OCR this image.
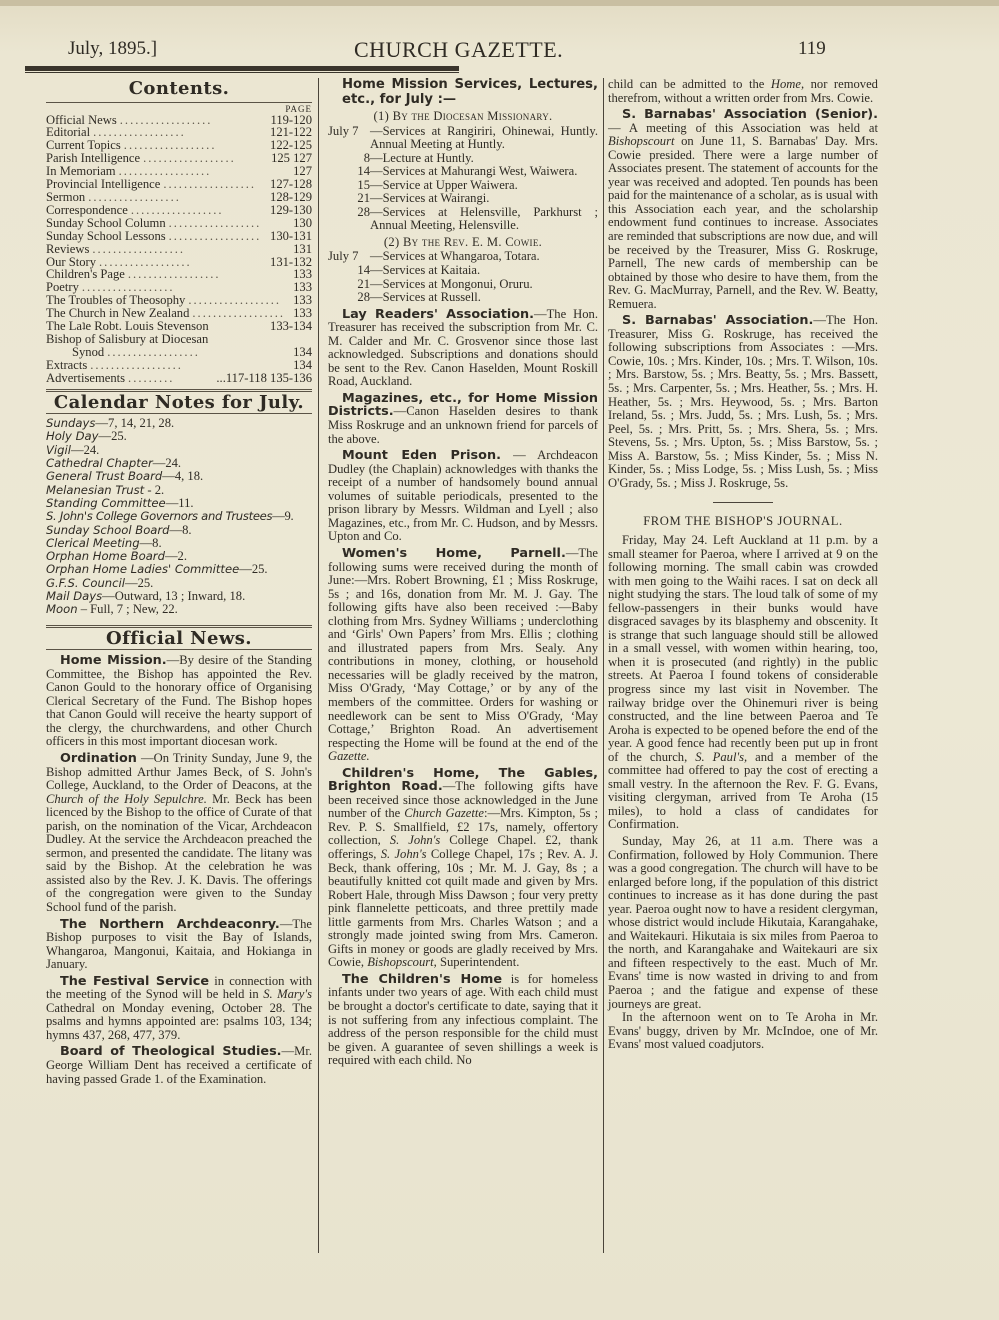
July, 1895.]	CHURCH GAZETTE.	119
Contents.
PAGE
Official News ..................	119-120
Editorial ..................	121-122
Current Topics ..................	122-125
Parish Intelligence ..................	125 127
In Memoriam ..................	127
Provincial Intelligence ..................	127-128
Sermon ..................	128-129
Correspondence ..................	129-130
Sunday School Column ..................	130
Sunday School Lessons .................. 130-131
Reviews ..................	131
Our Story ..................	131-132
Children's Page ..................	133
Poetry ..................	133
The Troubles of Theosophy .................. 133
The Church in New Zealand .................. 133
The Laʇe Robt. Louis Stevenson	133-134
Bishop of Salisbury at Diocesan
Synod ..................	134
Extracts ..................	134
Advertisements .........	...117-118 135-136
Calendar Notes for July.
Sundays—7, 14, 21, 28.
Holy Day—25.
Vigil—24.
Cathedral Chapter—24.
General Trust Board—4, 18.
Melanesian Trust - 2.
Standing Committee—11.
S. John's College Governors and Trustees—9.
Sunday School Board—8.
Clerical Meeting—8.
Orphan Home Board—2.
Orphan Home Ladies' Committee—25.
G.F.S. Council—25.
Mail Days—Outward, 13 ; Inward, 18.
Moon – Full, 7 ; New, 22.
Official News.

Home Mission.—By desire of the Standing Committee, the Bishop has appointed the Rev. Canon Gould to the honorary office of Organising Clerical Secretary of the Fund. The Bishop hopes that Canon Gould will receive the hearty support of the clergy, the churchwardens, and other Church officers in this most important diocesan work.

Ordination —On Trinity Sunday, June 9, the Bishop admitted Arthur James Beck, of S. John's College, Auckland, to the Order of Deacons, at the Church of the Holy Sepulchre. Mr. Beck has been licenced by the Bishop to the office of Curate of that parish, on the nomination of the Vicar, Archdeacon Dudley. At the service the Archdeacon preached the sermon, and presented the candidate. The litany was said by the Bishop. At the celebration he was assisted also by the Rev. J. K. Davis. The offerings of the congregation were given to the Sunday School fund of the parish.

The Northern Archdeaconry.—The Bishop purposes to visit the Bay of Islands, Whangaroa, Mangonui, Kaitaia, and Hokianga in January.

The Festival Service in connection with the meeting of the Synod will be held in S. Mary's Cathedral on Monday evening, October 28. The psalms and hymns appointed are: psalms 103, 134; hymns 437, 268, 477, 379.

Board of Theological Studies.—Mr. George William Dent has received a certificate of having passed Grade 1. of the Examination.

Home Mission Services, Lectures, etc., for July :—
(1) By the Diocesan Missionary.
July 7 —Services at Rangiriri, Ohinewai, Huntly. Annual Meeting at Huntly.
8 —Lecture at Huntly.
14 —Services at Mahurangi West, Waiwera.
15 —Service at Upper Waiwera.
21 —Services at Wairangi.
28 —Services at Helensville, Parkhurst ; Annual Meeting, Helensville.
(2) By the Rev. E. M. Cowie.
July 7 —Services at Whangaroa, Totara.
14 —Services at Kaitaia.
21 —Services at Mongonui, Oruru.
28 —Services at Russell.

Lay Readers' Association.—The Hon. Treasurer has received the subscription from Mr. C. M. Calder and Mr. C. Grosvenor since those last acknowledged. Subscriptions and donations should be sent to the Rev. Canon Haselden, Mount Roskill Road, Auckland.

Magazines, etc., for Home Mission Districts.—Canon Haselden desires to thank Miss Roskruge and an unknown friend for parcels of the above.

Mount Eden Prison. — Archdeacon Dudley (the Chaplain) acknowledges with thanks the receipt of a number of handsomely bound annual volumes of suitable periodicals, presented to the prison library by Messrs. Wildman and Lyell ; also Magazines, etc., from Mr. C. Hudson, and by Messrs. Upton and Co.

Women's Home, Parnell.—The following sums were received during the month of June:—Mrs. Robert Browning, £1 ; Miss Roskruge, 5s ; and 16s, donation from Mr. M. J. Gay. The following gifts have also been received :—Baby clothing from Mrs. Sydney Williams ; underclothing and ‘Girls' Own Papers’ from Mrs. Ellis ; clothing and illustrated papers from Mrs. Sealy. Any contributions in money, clothing, or household necessaries will be gladly received by the matron, Miss O'Grady, ‘May Cottage,’ or by any of the members of the committee. Orders for washing or needlework can be sent to Miss O'Grady, ‘May Cottage,’ Brighton Road. An advertisement respecting the Home will be found at the end of the Gazette.

Children's Home, The Gables, Brighton Road.—The following gifts have been received since those acknowledged in the June number of the Church Gazette:—Mrs. Kimpton, 5s ; Rev. P. S. Smallfield, £2 17s, namely, offertory collection, S. John's College Chapel. £2, thank offerings, S. John's College Chapel, 17s ; Rev. A. J. Beck, thank offering, 10s ; Mr. M. J. Gay, 8s ; a beautifully knitted cot quilt made and given by Mrs. Robert Hale, through Miss Dawson ; four very pretty pink flannelette petticoats, and three prettily made little garments from Mrs. Charles Watson ; and a strongly made jointed swing from Mrs. Cameron. Gifts in money or goods are gladly received by Mrs. Cowie, Bishopscourt, Superintendent.

The Children's Home is for homeless infants under two years of age. With each child must be brought a doctor's certificate to date, saying that it is not suffering from any infectious complaint. The address of the person responsible for the child must be given. A guarantee of seven shillings a week is required with each child. No

child can be admitted to the Home, nor removed therefrom, without a written order from Mrs. Cowie.

S. Barnabas' Association (Senior).— A meeting of this Association was held at Bishopscourt on June 11, S. Barnabas' Day. Mrs. Cowie presided. There were a large number of Associates present. The statement of accounts for the year was received and adopted. Ten pounds has been paid for the maintenance of a scholar, as is usual with this Association each year, and the scholarship endowment fund continues to increase. Associates are reminded that subscriptions are now due, and will be received by the Treasurer, Miss G. Roskruge, Parnell, The new cards of membership can be obtained by those who desire to have them, from the Rev. G. MacMurray, Parnell, and the Rev. W. Beatty, Remuera.

S. Barnabas' Association.—The Hon. Treasurer, Miss G. Roskruge, has received the following subscriptions from Associates : —Mrs. Cowie, 10s. ; Mrs. Kinder, 10s. ; Mrs. T. Wilson, 10s. ; Mrs. Barstow, 5s. ; Mrs. Beatty, 5s. ; Mrs. Bassett, 5s. ; Mrs. Carpenter, 5s. ; Mrs. Heather, 5s. ; Mrs. H. Heather, 5s. ; Mrs. Heywood, 5s. ; Mrs. Barton Ireland, 5s. ; Mrs. Judd, 5s. ; Mrs. Lush, 5s. ; Mrs. Peel, 5s. ; Mrs. Pritt, 5s. ; Mrs. Shera, 5s. ; Mrs. Stevens, 5s. ; Mrs. Upton, 5s. ; Miss Barstow, 5s. ; Miss A. Barstow, 5s. ; Miss Kinder, 5s. ; Miss N. Kinder, 5s. ; Miss Lodge, 5s. ; Miss Lush, 5s. ; Miss O'Grady, 5s. ; Miss J. Roskruge, 5s.

FROM THE BISHOP'S JOURNAL.

Friday, May 24. Left Auckland at 11 p.m. by a small steamer for Paeroa, where I arrived at 9 on the following morning. The small cabin was crowded with men going to the Waihi races. I sat on deck all night studying the stars. The loud talk of some of my fellow-passengers in their bunks would have disgraced savages by its blasphemy and obscenity. It is strange that such language should still be allowed in a small vessel, with women within hearing, too, when it is prosecuted (and rightly) in the public streets. At Paeroa I found tokens of considerable progress since my last visit in November. The railway bridge over the Ohinemuri river is being constructed, and the line between Paeroa and Te Aroha is expected to be opened before the end of the year. A good fence had recently been put up in front of the church, S. Paul's, and a member of the committee had offered to pay the cost of erecting a small vestry. In the afternoon the Rev. F. G. Evans, visiting clergyman, arrived from Te Aroha (15 miles), to hold a class of candidates for Confirmation.

Sunday, May 26, at 11 a.m. There was a Confirmation, followed by Holy Communion. There was a good congregation. The church will have to be enlarged before long, if the population of this district continues to increase as it has done during the past year. Paeroa ought now to have a resident clergyman, whose district would include Hikutaia, Karangahake, and Waitekauri. Hikutaia is six miles from Paeroa to the north, and Karangahake and Waitekauri are six and fifteen respectively to the east. Much of Mr. Evans' time is now wasted in driving to and from Paeroa ; and the fatigue and expense of these journeys are great.

In the afternoon went on to Te Aroha in Mr. Evans' buggy, driven by Mr. McIndoe, one of Mr. Evans' most valued coadjutors.
